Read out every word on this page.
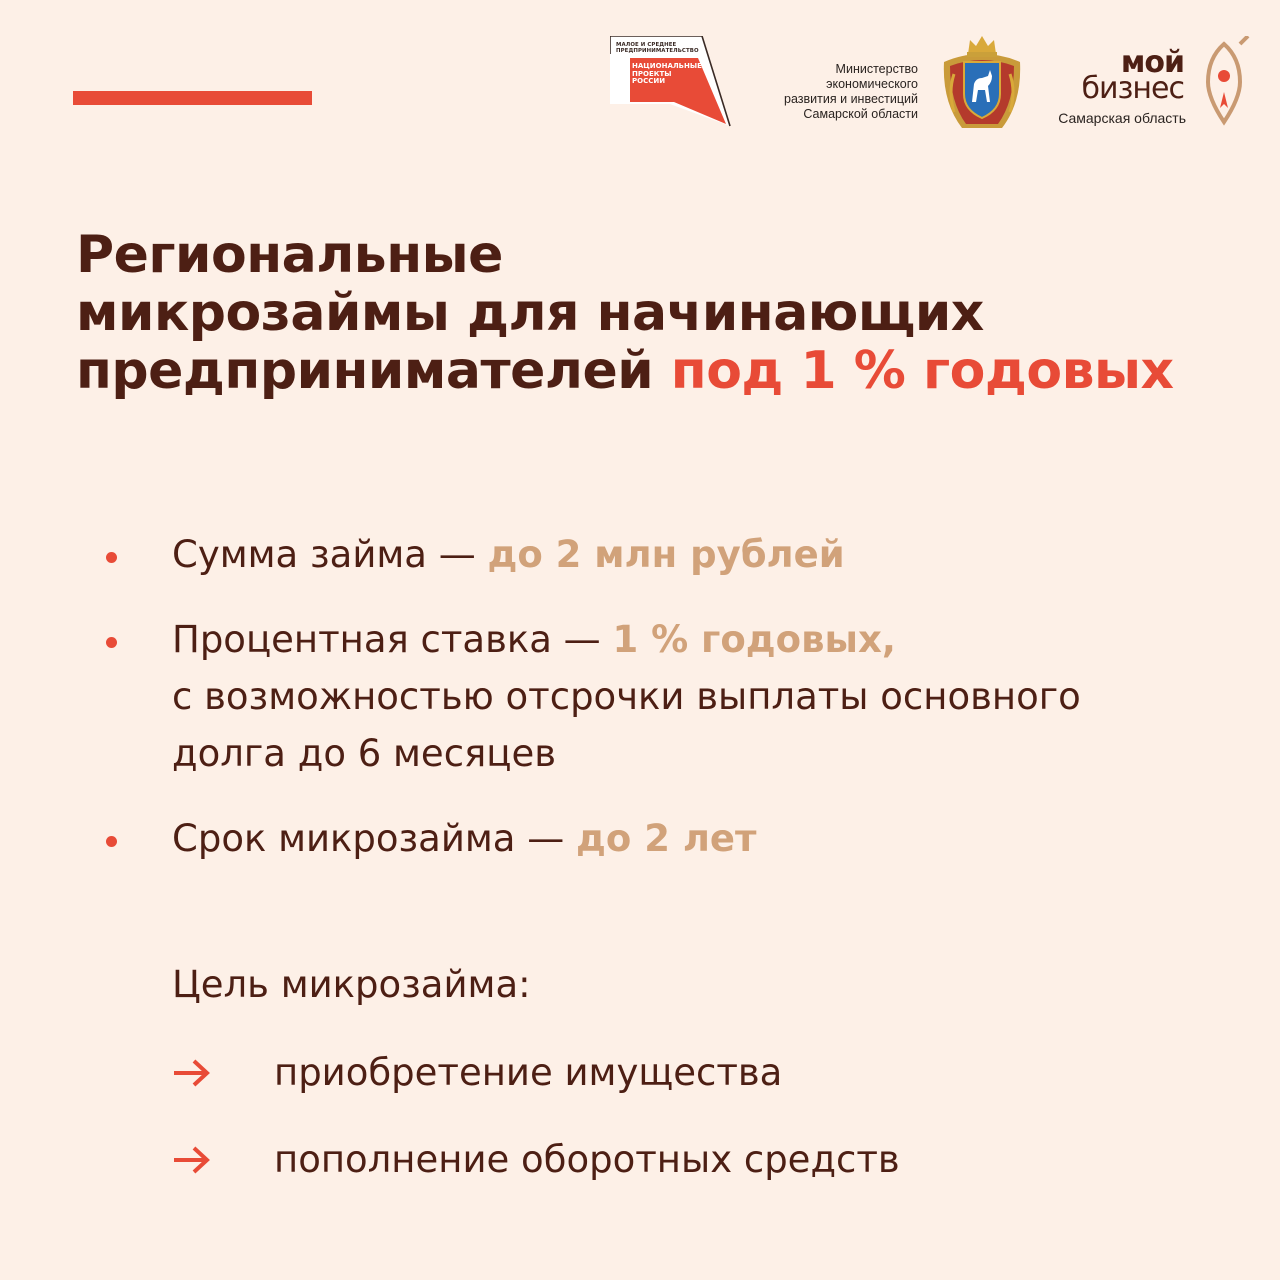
МАЛОЕ И СРЕДНЕЕ ПРЕДПРИНИМАТЕЛЬСТВО
НАЦИОНАЛЬНЫЕ ПРОЕКТЫ РОССИИ
Министерство
экономического
развития и инвестиций
Самарской области
мой
бизнес
Самарская область
Региональные
микрозаймы для начинающих
предпринимателей под 1 % годовых
Сумма займа — до 2 млн рублей
Процентная ставка — 1 % годовых,
с возможностью отсрочки выплаты основного
долга до 6 месяцев
Срок микрозайма — до 2 лет
Цель микрозайма:
приобретение имущества
пополнение оборотных средств
